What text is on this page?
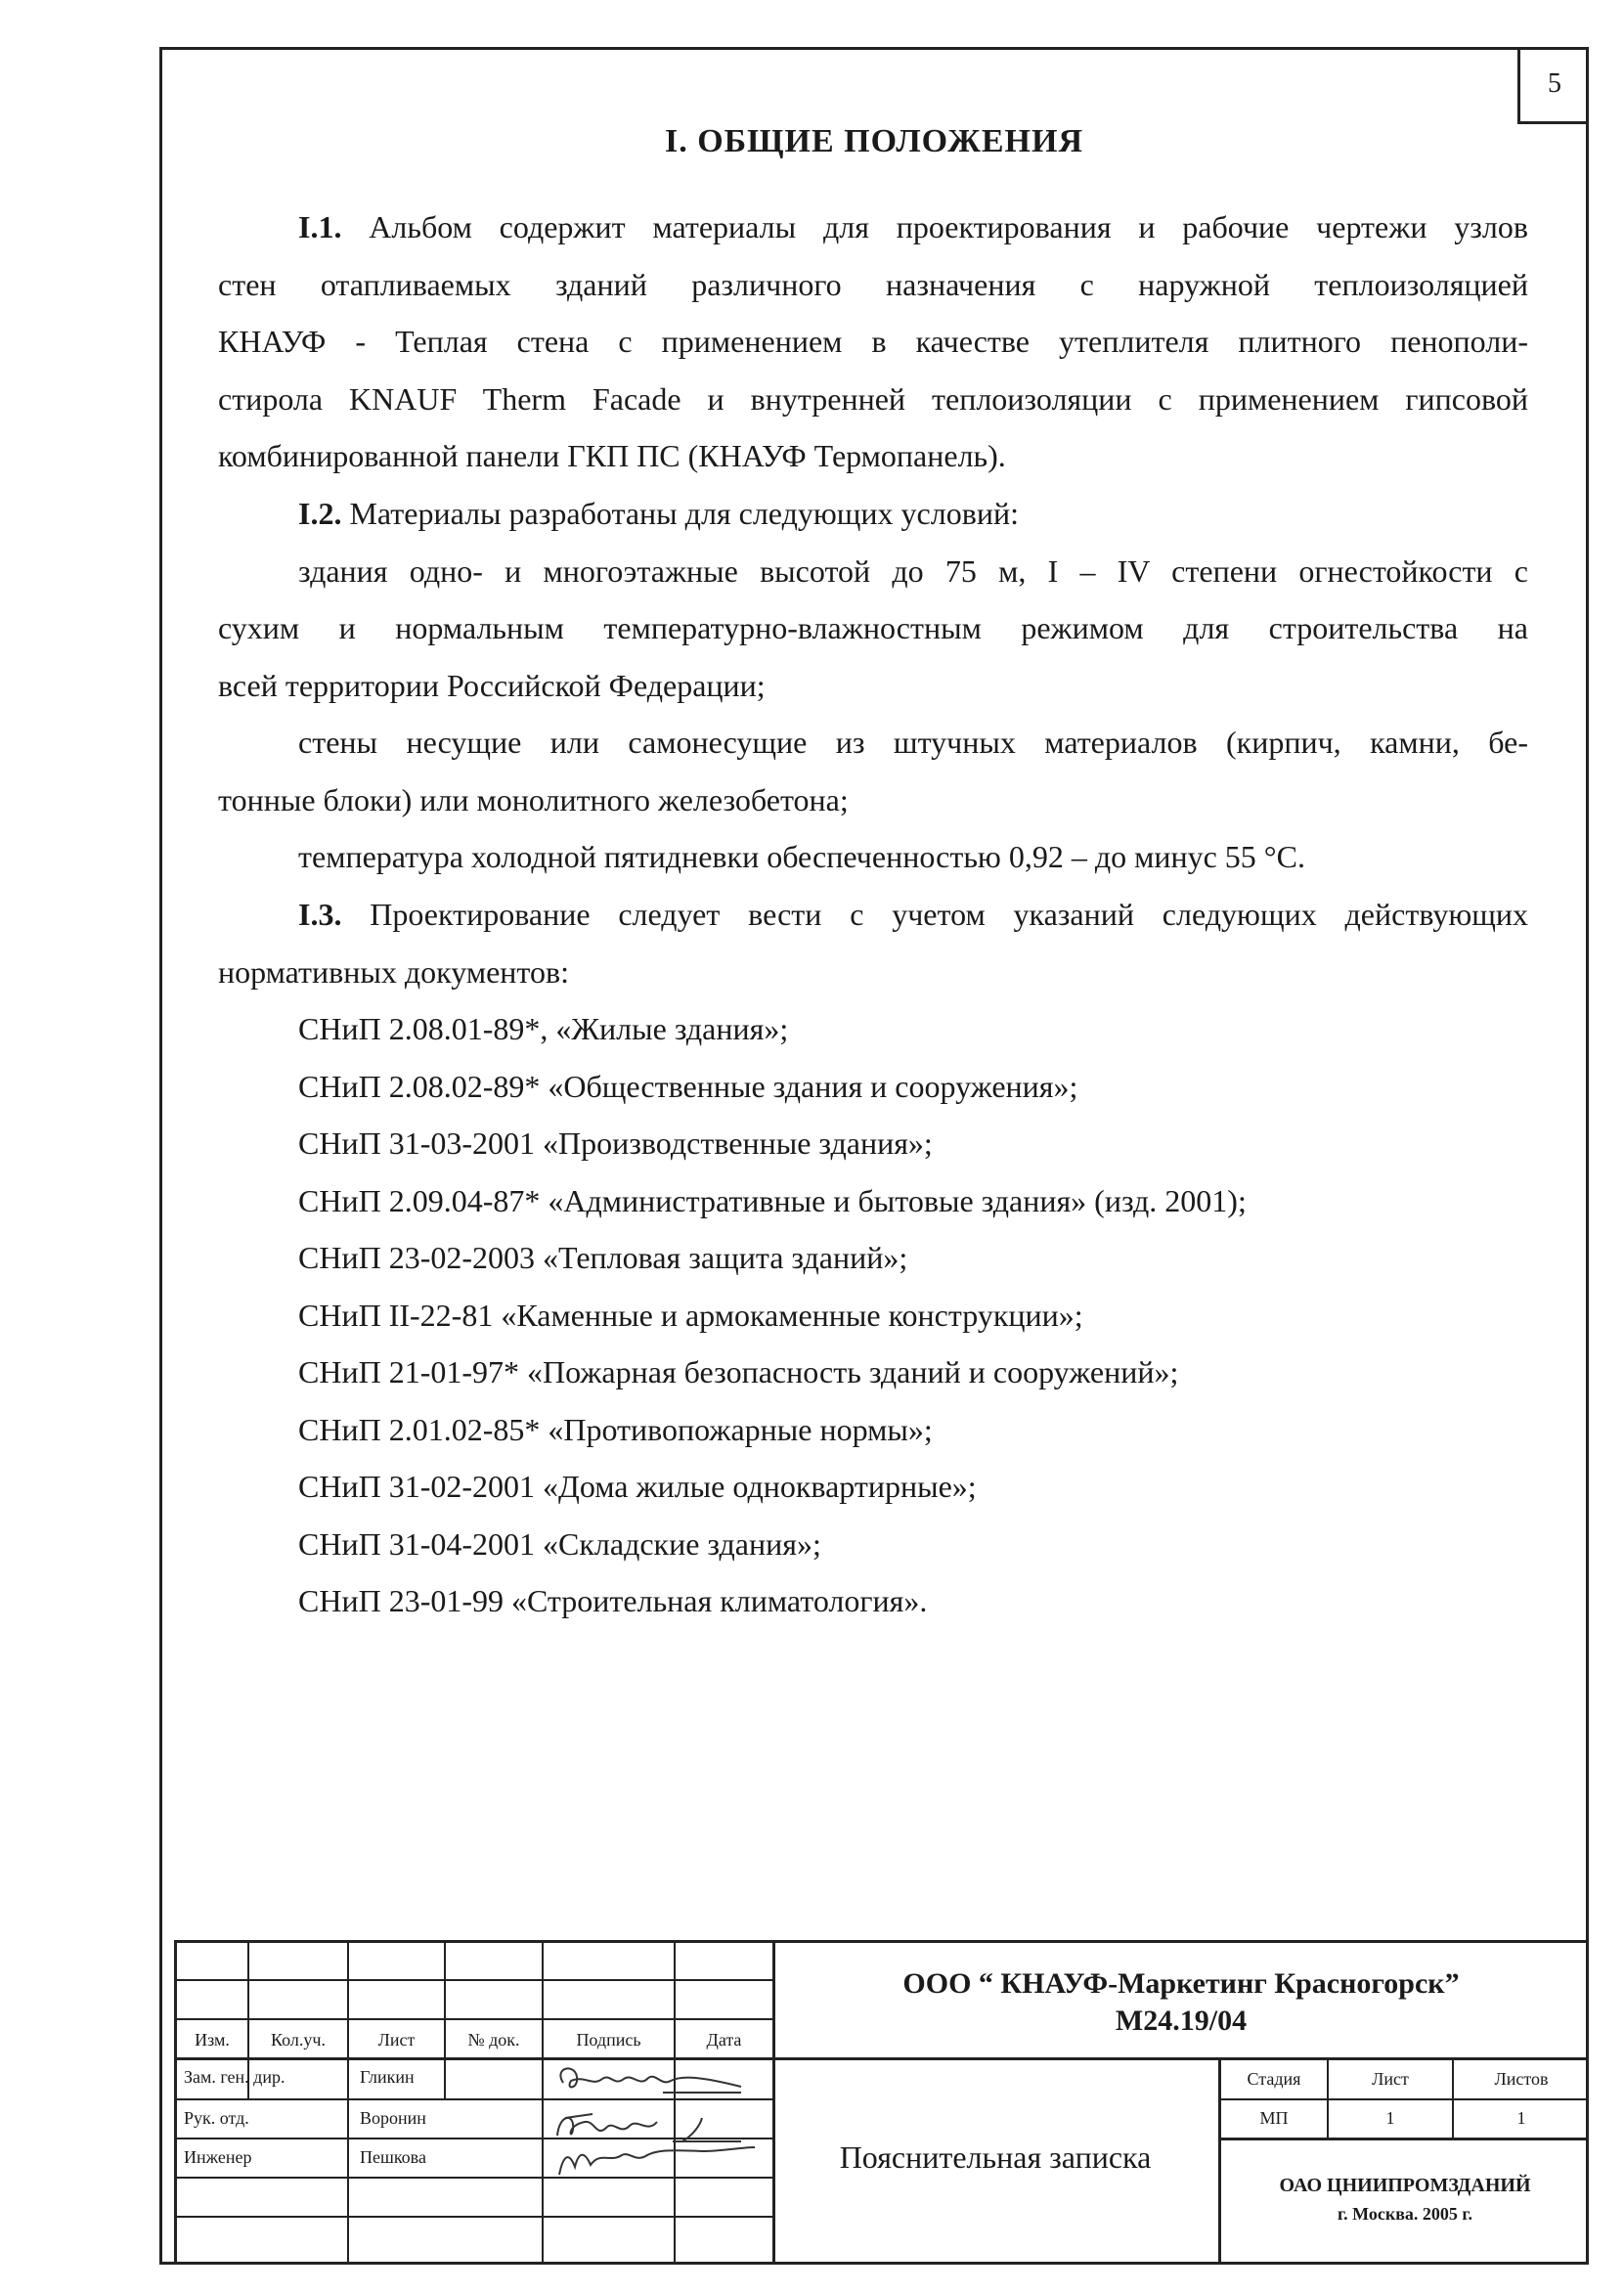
5
I. ОБЩИЕ ПОЛОЖЕНИЯ
I.1. Альбом содержит материалы для проектирования и рабочие чертежи узлов
стен отапливаемых зданий различного назначения с наружной теплоизоляцией
КНАУФ - Теплая стена с применением в качестве утеплителя плитного пенополи-
стирола KNAUF Therm Facade и внутренней теплоизоляции с применением гипсовой
комбинированной панели ГКП ПС (КНАУФ Термопанель).
I.2. Материалы разработаны для следующих условий:
здания одно- и многоэтажные высотой до 75 м, I – IV степени огнестойкости с
сухим и нормальным температурно-влажностным режимом для строительства на
всей территории Российской Федерации;
стены несущие или самонесущие из штучных материалов (кирпич, камни, бе-
тонные блоки) или монолитного железобетона;
температура холодной пятидневки обеспеченностью 0,92 – до минус 55 °С.
I.3. Проектирование следует вести с учетом указаний следующих действующих
нормативных документов:
СНиП 2.08.01-89*, «Жилые здания»;
СНиП 2.08.02-89* «Общественные здания и сооружения»;
СНиП 31-03-2001 «Производственные здания»;
СНиП 2.09.04-87* «Административные и бытовые здания» (изд. 2001);
СНиП 23-02-2003 «Тепловая защита зданий»;
СНиП II-22-81 «Каменные и армокаменные конструкции»;
СНиП 21-01-97* «Пожарная безопасность зданий и сооружений»;
СНиП 2.01.02-85* «Противопожарные нормы»;
СНиП 31-02-2001 «Дома жилые одноквартирные»;
СНиП 31-04-2001 «Складские здания»;
СНиП 23-01-99 «Строительная климатология».
Изм.	Кол.уч.	Лист	№ док.	Подпись	Дата
Зам. ген. дир.	Гликин
Рук. отд.	Воронин
Инженер	Пешкова
ООО “ КНАУФ-Маркетинг Красногорск”
М24.19/04
Пояснительная записка
Стадия	Лист	Листов
МП	1	1
ОАО ЦНИИПРОМЗДАНИЙ
г. Москва. 2005 г.
